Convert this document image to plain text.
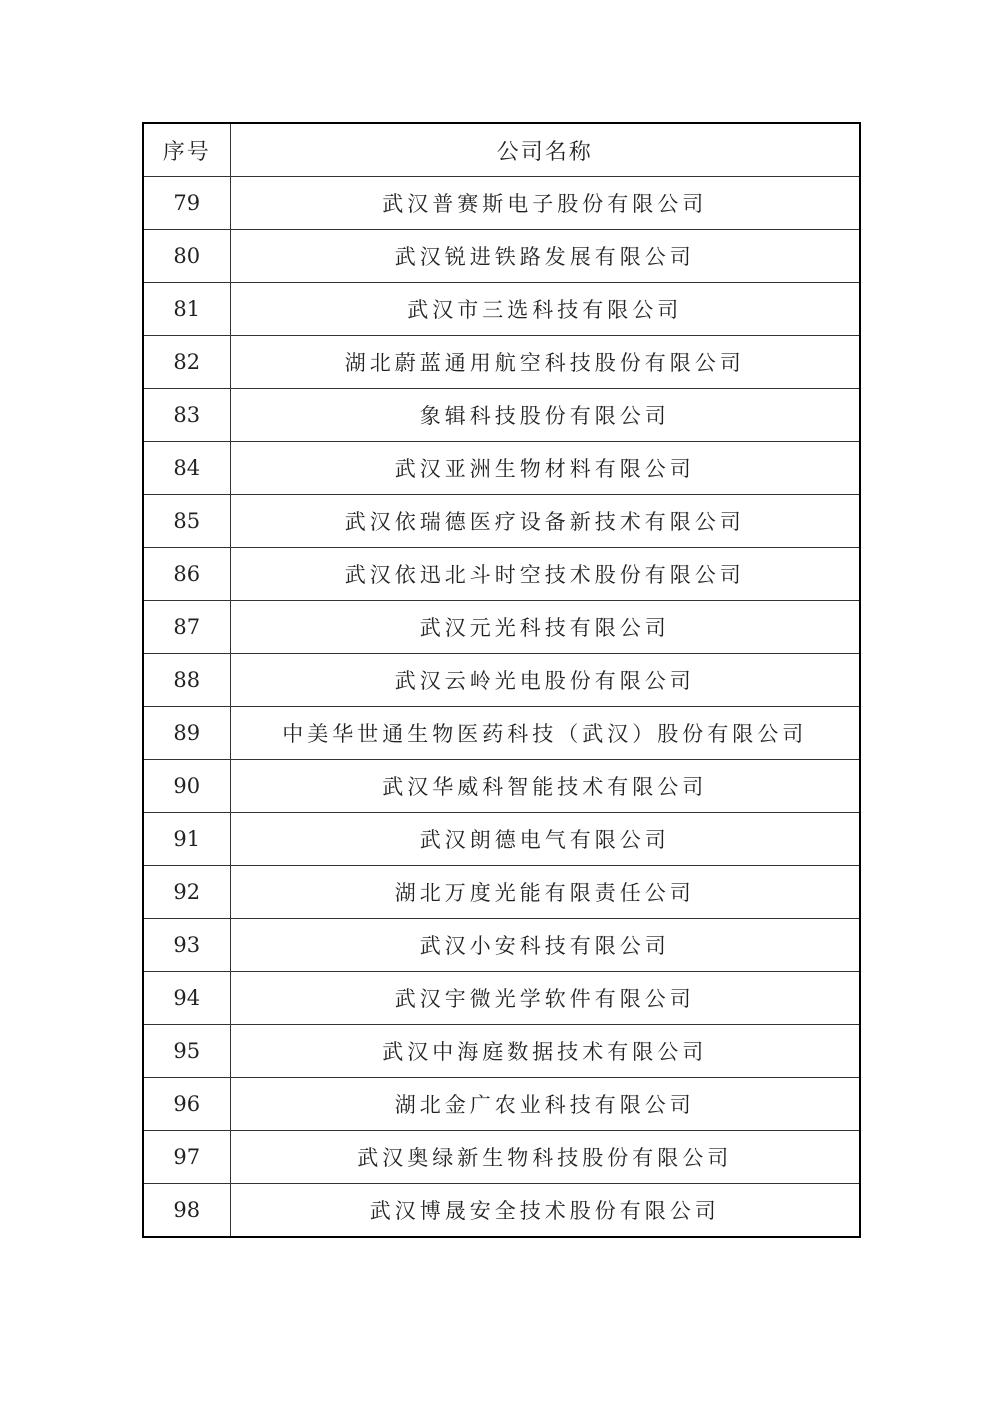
序号	公司名称
79	武汉普赛斯电子股份有限公司
80	武汉锐进铁路发展有限公司
81	武汉市三选科技有限公司
82	湖北蔚蓝通用航空科技股份有限公司
83	象辑科技股份有限公司
84	武汉亚洲生物材料有限公司
85	武汉依瑞德医疗设备新技术有限公司
86	武汉依迅北斗时空技术股份有限公司
87	武汉元光科技有限公司
88	武汉云岭光电股份有限公司
89	中美华世通生物医药科技（武汉）股份有限公司
90	武汉华威科智能技术有限公司
91	武汉朗德电气有限公司
92	湖北万度光能有限责任公司
93	武汉小安科技有限公司
94	武汉宇微光学软件有限公司
95	武汉中海庭数据技术有限公司
96	湖北金广农业科技有限公司
97	武汉奥绿新生物科技股份有限公司
98	武汉博晟安全技术股份有限公司
